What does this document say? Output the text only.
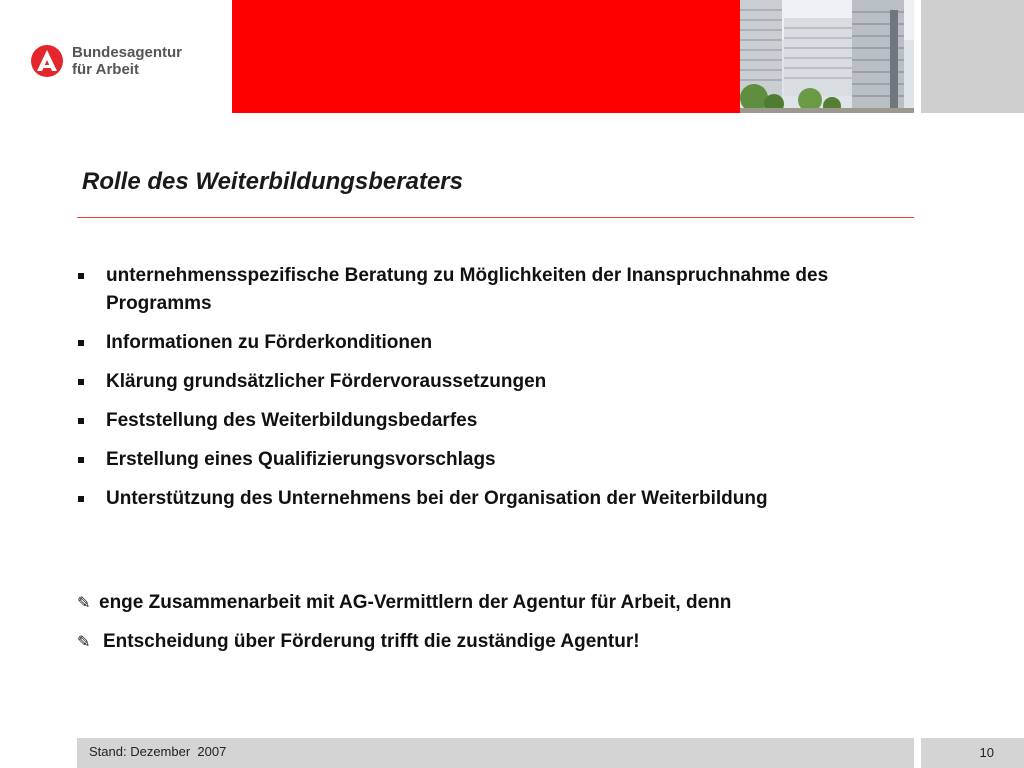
Bundesagentur
für Arbeit
Rolle des Weiterbildungsberaters
unternehmensspezifische Beratung zu Möglichkeiten der Inanspruchnahme des Programms
Informationen zu Förderkonditionen
Klärung grundsätzlicher Fördervoraussetzungen
Feststellung des Weiterbildungsbedarfes
Erstellung eines Qualifizierungsvorschlags
Unterstützung des Unternehmens bei der Organisation der Weiterbildung
✎ enge Zusammenarbeit mit AG-Vermittlern der Agentur für Arbeit, denn
✎ Entscheidung über Förderung trifft die zuständige Agentur!
Stand: Dezember  2007	10
